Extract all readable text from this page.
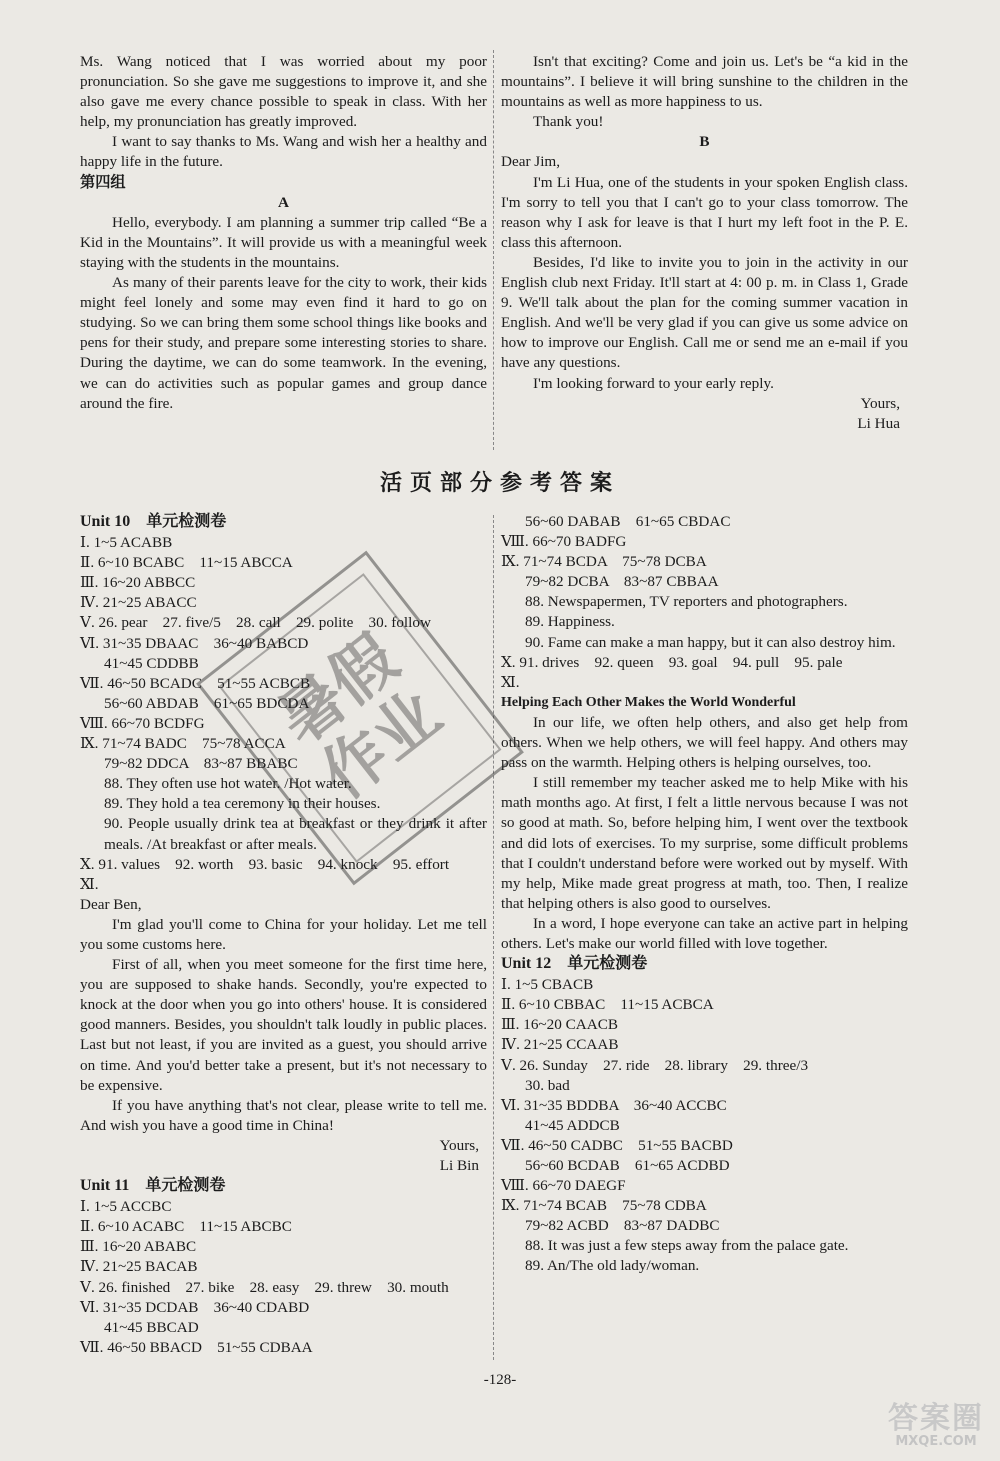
Ms. Wang noticed that I was worried about my poor pronunciation. So she gave me suggestions to improve it, and she also gave me every chance possible to speak in class. With her help, my pronunciation has greatly improved.

I want to say thanks to Ms. Wang and wish her a healthy and happy life in the future.

第四组

A

Hello, everybody. I am planning a summer trip called “Be a Kid in the Mountains”. It will provide us with a meaningful week staying with the students in the mountains.

As many of their parents leave for the city to work, their kids might feel lonely and some may even find it hard to go on studying. So we can bring them some school things like books and pens for their study, and prepare some interesting stories to share. During the daytime, we can do some teamwork. In the evening, we can do activities such as popular games and group dance around the fire.

Isn't that exciting? Come and join us. Let's be “a kid in the mountains”. I believe it will bring sunshine to the children in the mountains as well as more happiness to us.

Thank you!

B

Dear Jim,

I'm Li Hua, one of the students in your spoken English class. I'm sorry to tell you that I can't go to your class tomorrow. The reason why I ask for leave is that I hurt my left foot in the P. E. class this afternoon.

Besides, I'd like to invite you to join in the activity in our English club next Friday. It'll start at 4: 00 p. m. in Class 1, Grade 9. We'll talk about the plan for the coming summer vacation in English. And we'll be very glad if you can give us some advice on how to improve our English. Call me or send me an e-mail if you have any questions.

I'm looking forward to your early reply.

Yours,

Li Hua

活页部分参考答案

Unit 10　单元检测卷

Ⅰ. 1~5 ACABB

Ⅱ. 6~10 BCABC　11~15 ABCCA

Ⅲ. 16~20 ABBCC

Ⅳ. 21~25 ABACC

Ⅴ. 26. pear　27. five/5　28. call　29. polite　30. follow

Ⅵ. 31~35 DBAAC　36~40 BABCD

41~45 CDDBB

Ⅶ. 46~50 BCADC　51~55 ACBCB

56~60 ABDAB　61~65 BDCDA

Ⅷ. 66~70 BCDFG

Ⅸ. 71~74 BADC　75~78 ACCA

79~82 DDCA　83~87 BBABC

88. They often use hot water. /Hot water.

89. They hold a tea ceremony in their houses.

90. People usually drink tea at breakfast or they drink it after meals. /At breakfast or after meals.

Ⅹ. 91. values　92. worth　93. basic　94. knock　95. effort

Ⅺ.

Dear Ben,

I'm glad you'll come to China for your holiday. Let me tell you some customs here.

First of all, when you meet someone for the first time here, you are supposed to shake hands. Secondly, you're expected to knock at the door when you go into others' house. It is considered good manners. Besides, you shouldn't talk loudly in public places. Last but not least, if you are invited as a guest, you should arrive on time. And you'd better take a present, but it's not necessary to be expensive.

If you have anything that's not clear, please write to tell me. And wish you have a good time in China!

Yours,

Li Bin

Unit 11　单元检测卷

Ⅰ. 1~5 ACCBC

Ⅱ. 6~10 ACABC　11~15 ABCBC

Ⅲ. 16~20 ABABC

Ⅳ. 21~25 BACAB

Ⅴ. 26. finished　27. bike　28. easy　29. threw　30. mouth

Ⅵ. 31~35 DCDAB　36~40 CDABD

41~45 BBCAD

Ⅶ. 46~50 BBACD　51~55 CDBAA

56~60 DABAB　61~65 CBDAC

Ⅷ. 66~70 BADFG

Ⅸ. 71~74 BCDA　75~78 DCBA

79~82 DCBA　83~87 CBBAA

88. Newspapermen, TV reporters and photographers.

89. Happiness.

90. Fame can make a man happy, but it can also destroy him.

Ⅹ. 91. drives　92. queen　93. goal　94. pull　95. pale

Ⅺ.

Helping Each Other Makes the World Wonderful

In our life, we often help others, and also get help from others. When we help others, we will feel happy. And others may pass on the warmth. Helping others is helping ourselves, too.

I still remember my teacher asked me to help Mike with his math months ago. At first, I felt a little nervous because I was not so good at math. So, before helping him, I went over the textbook and did lots of exercises. To my surprise, some difficult problems that I couldn't understand before were worked out by myself. With my help, Mike made great progress at math, too. Then, I realize that helping others is also good to ourselves.

In a word, I hope everyone can take an active part in helping others. Let's make our world filled with love together.

Unit 12　单元检测卷

Ⅰ. 1~5 CBACB

Ⅱ. 6~10 CBBAC　11~15 ACBCA

Ⅲ. 16~20 CAACB

Ⅳ. 21~25 CCAAB

Ⅴ. 26. Sunday　27. ride　28. library　29. three/3

30. bad

Ⅵ. 31~35 BDDBA　36~40 ACCBC

41~45 ADDCB

Ⅶ. 46~50 CADBC　51~55 BACBD

56~60 BCDAB　61~65 ACDBD

Ⅷ. 66~70 DAEGF

Ⅸ. 71~74 BCAB　75~78 CDBA

79~82 ACBD　83~87 DADBC

88. It was just a few steps away from the palace gate.

89. An/The old lady/woman.

暑假作业
-128-
答案圈
MXQE.COM
